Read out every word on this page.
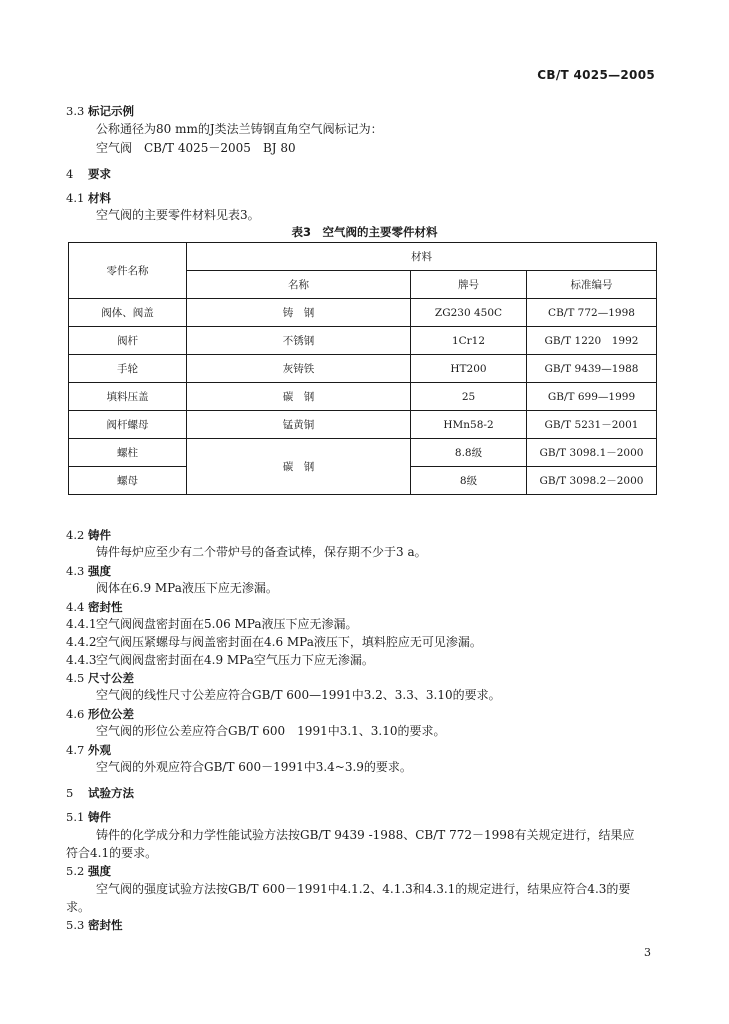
CB/T 4025—2005
3.3 标记示例
公称通径为80 mm的J类法兰铸钢直角空气阀标记为：
空气阀　CB/T 4025－2005　BJ 80
4 要求
4.1 材料
空气阀的主要零件材料见表3。
表3　空气阀的主要零件材料
零件名称	材料		
	名称	牌号	标准编号
阀体、阀盖	铸　钢	ZG230 450C	CB/T 772—1998
阀杆	不锈钢	1Cr12	GB/T 1220　1992
手轮	灰铸铁	HT200	GB/T 9439—1988
填料压盖	碳　钢	25	GB/T 699—1999
阀杆螺母	锰黄铜	HMn58-2	GB/T 5231－2001
螺柱	碳　钢	8.8级	GB/T 3098.1－2000
螺母		8级	GB/T 3098.2－2000
4.2 铸件
铸件每炉应至少有二个带炉号的备查试棒，保存期不少于3 a。
4.3 强度
阀体在6.9 MPa液压下应无渗漏。
4.4 密封性
4.4.1空气阀阀盘密封面在5.06 MPa液压下应无渗漏。
4.4.2空气阀压紧螺母与阀盖密封面在4.6 MPa液压下，填料腔应无可见渗漏。
4.4.3空气阀阀盘密封面在4.9 MPa空气压力下应无渗漏。
4.5 尺寸公差
空气阀的线性尺寸公差应符合GB/T 600—1991中3.2、3.3、3.10的要求。
4.6 形位公差
空气阀的形位公差应符合GB/T 600　1991中3.1、3.10的要求。
4.7 外观
空气阀的外观应符合GB/T 600－1991中3.4~3.9的要求。
5 试验方法
5.1 铸件
铸件的化学成分和力学性能试验方法按GB/T 9439 -1988、CB/T 772－1998有关规定进行，结果应
符合4.1的要求。
5.2 强度
空气阀的强度试验方法按GB/T 600－1991中4.1.2、4.1.3和4.3.1的规定进行，结果应符合4.3的要
求。
5.3 密封性
3
